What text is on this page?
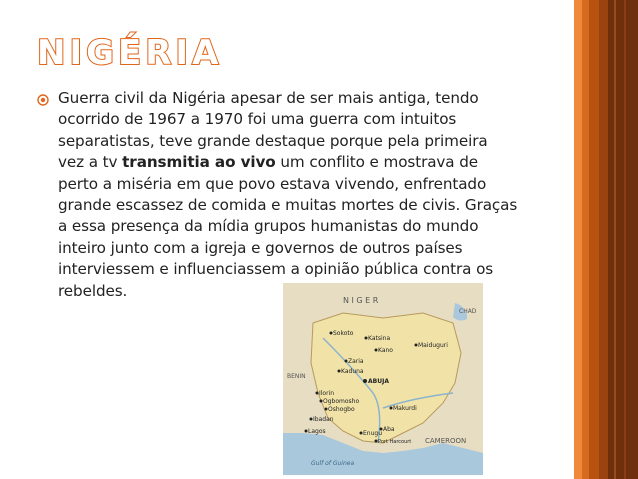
NIGÉRIA
Guerra civil da Nigéria apesar de ser mais antiga, tendo ocorrido de 1967 a 1970 foi uma guerra com intuitos separatistas, teve grande destaque porque pela primeira vez a tv transmitia ao vivo um conflito e mostrava de perto a miséria em que povo estava vivendo, enfrentado grande escassez de comida e muitas mortes de civis. Graças a essa presença da mídia grupos humanistas do mundo inteiro junto com a igreja e governos de outros países interviessem e influenciassem a opinião pública contra os rebeldes.
N I G E R
CHAD
Sokoto
Katsina
Kano
Maiduguri
Zaria
Kaduna
ABUJA
Ilorin
Ogbomosho
Oshogbo
Ibadan
Makurdi
Lagos	Enugu
Aba
Port Harcourt CAMEROON
BENIN
Gulf of Guinea
